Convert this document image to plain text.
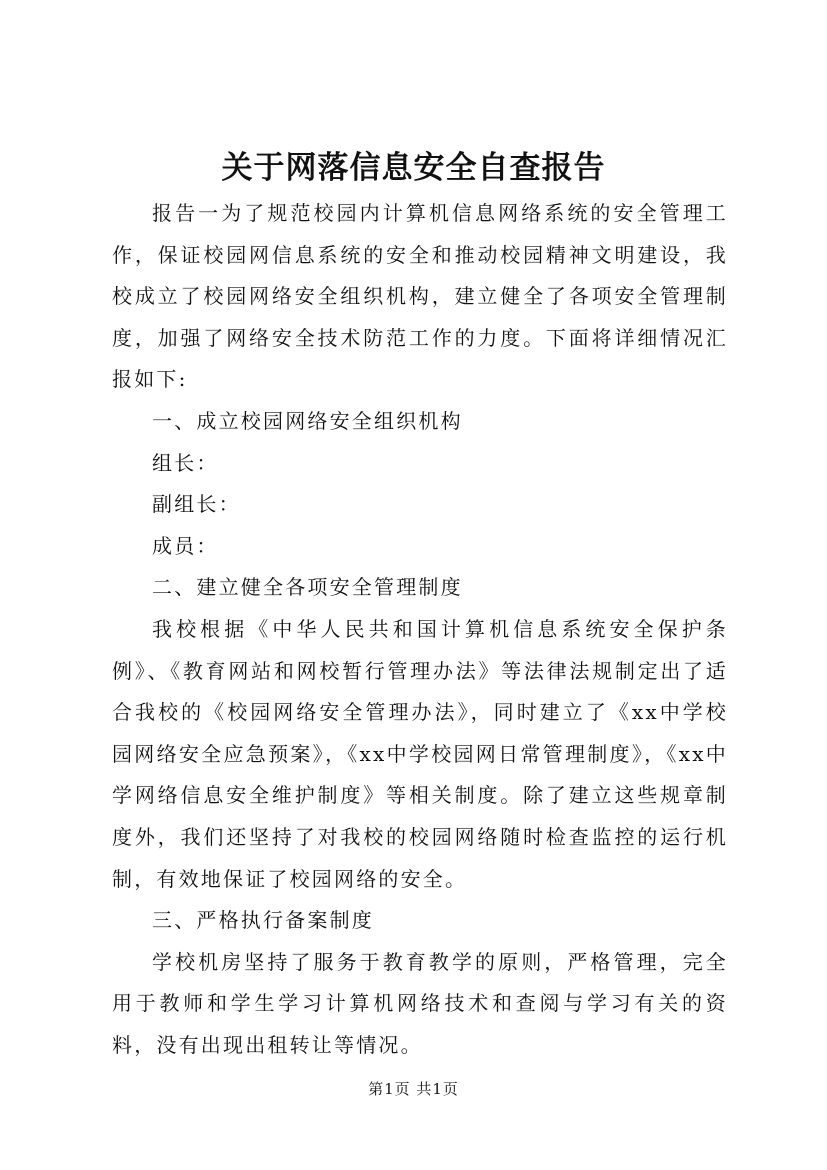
关于网落信息安全自查报告

报告一为了规范校园内计算机信息网络系统的安全管理工作，保证校园网信息系统的安全和推动校园精神文明建设，我校成立了校园网络安全组织机构，建立健全了各项安全管理制度，加强了网络安全技术防范工作的力度。下面将详细情况汇报如下:

一、成立校园网络安全组织机构

组长：

副组长：

成员：

二、建立健全各项安全管理制度

我校根据《中华人民共和国计算机信息系统安全保护条例》、《教育网站和网校暂行管理办法》等法律法规制定出了适合我校的《校园网络安全管理办法》，同时建立了《xx中学校园网络安全应急预案》，《xx中学校园网日常管理制度》，《xx中学网络信息安全维护制度》等相关制度。除了建立这些规章制度外，我们还坚持了对我校的校园网络随时检查监控的运行机制，有效地保证了校园网络的安全。

三、严格执行备案制度

学校机房坚持了服务于教育教学的原则，严格管理，完全用于教师和学生学习计算机网络技术和查阅与学习有关的资料，没有出现出租转让等情况。

第1页 共1页
